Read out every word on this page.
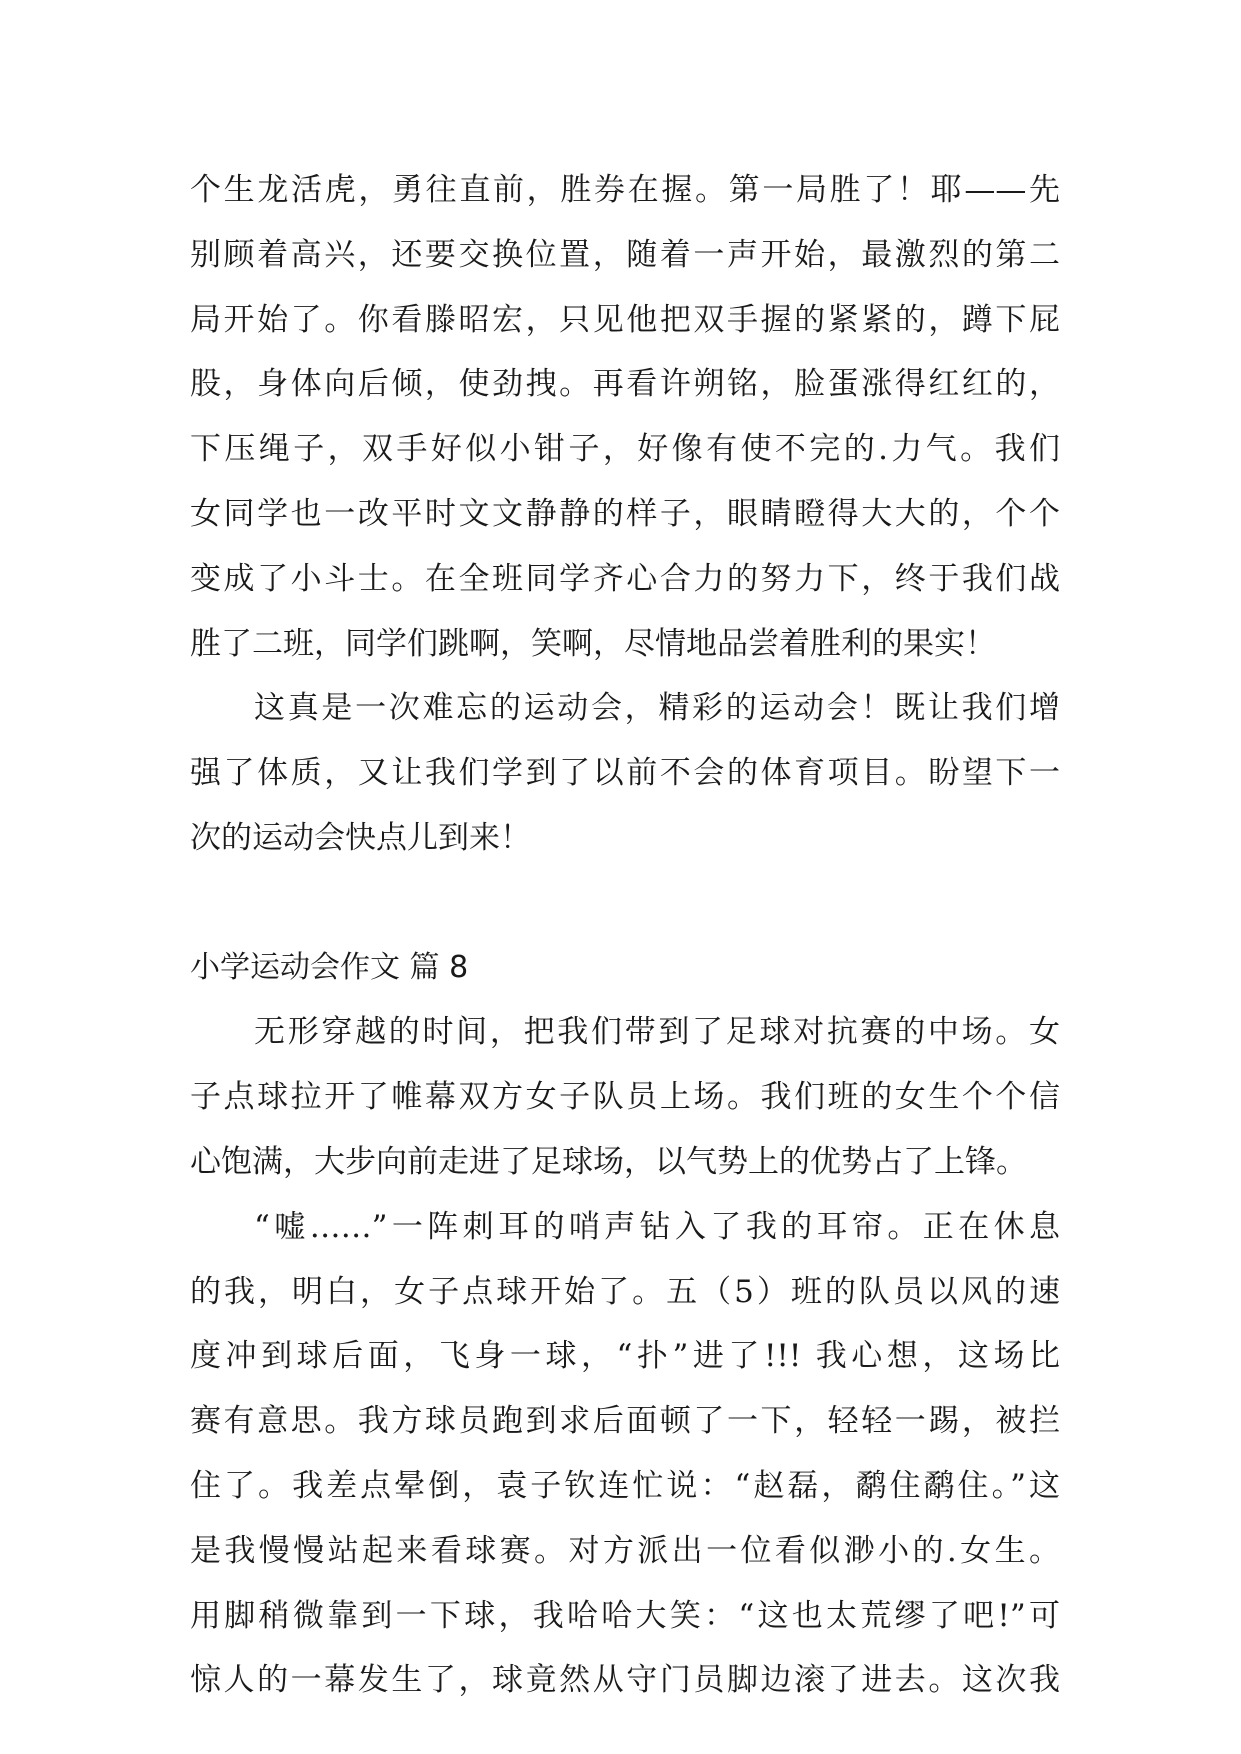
个生龙活虎，勇往直前，胜券在握。第一局胜了！耶——先
别顾着高兴，还要交换位置，随着一声开始，最激烈的第二
局开始了。你看滕昭宏，只见他把双手握的紧紧的，蹲下屁
股，身体向后倾，使劲拽。再看许朔铭，脸蛋涨得红红的，
下压绳子，双手好似小钳子，好像有使不完的.力气。我们
女同学也一改平时文文静静的样子，眼睛瞪得大大的，个个
变成了小斗士。在全班同学齐心合力的努力下，终于我们战
胜了二班，同学们跳啊，笑啊，尽情地品尝着胜利的果实！
这真是一次难忘的运动会，精彩的运动会！既让我们增
强了体质，又让我们学到了以前不会的体育项目。盼望下一
次的运动会快点儿到来！
小学运动会作文 篇 8
无形穿越的时间，把我们带到了足球对抗赛的中场。女
子点球拉开了帷幕双方女子队员上场。我们班的女生个个信
心饱满，大步向前走进了足球场，以气势上的优势占了上锋。
“嘘……”一阵刺耳的哨声钻入了我的耳帘。正在休息
的我，明白，女子点球开始了。五（5）班的队员以风的速
度冲到球后面，飞身一球，“扑”进了!!! 我心想，这场比
赛有意思。我方球员跑到求后面顿了一下，轻轻一踢，被拦
住了。我差点晕倒，袁子钦连忙说：“赵磊，鹬住鹬住。”这
是我慢慢站起来看球赛。对方派出一位看似渺小的.女生。
用脚稍微靠到一下球，我哈哈大笑：“这也太荒缪了吧!”可
惊人的一幕发生了，球竟然从守门员脚边滚了进去。这次我
